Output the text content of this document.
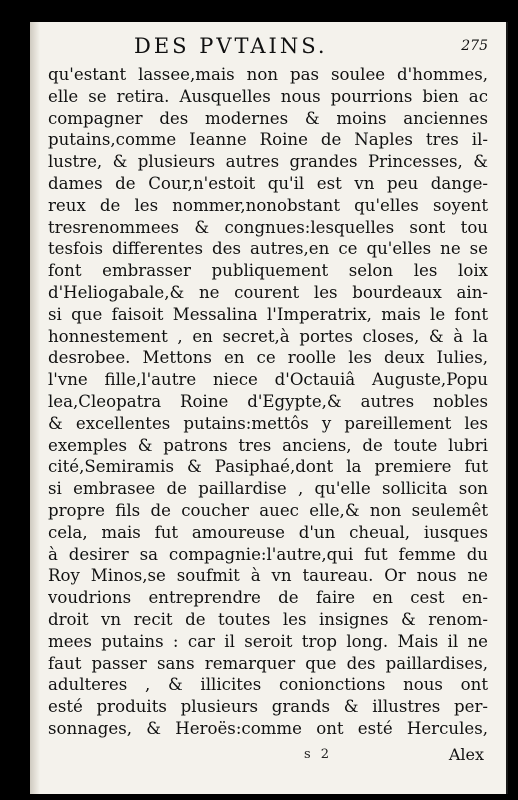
DES PVTAINS.	275
qu'estant lassee,mais non pas soulee d'hommes,
elle se retira. Ausquelles nous pourrions bien ac
compagner des modernes & moins anciennes
putains,comme Ieanne Roine de Naples tres il-
lustre, & plusieurs autres grandes Princesses, &
dames de Cour,n'estoit qu'il est vn peu dange-
reux de les nommer,nonobstant qu'elles soyent
tresrenommees & congnues:lesquelles sont tou
tesfois differentes des autres,en ce qu'elles ne se
font embrasser publiquement selon les loix
d'Heliogabale,& ne courent les bourdeaux ain-
si que faisoit Messalina l'Imperatrix, mais le font
honnestement , en secret,à portes closes, & à la
desrobee. Mettons en ce roolle les deux Iulies,
l'vne fille,l'autre niece d'Octauiâ Auguste,Popu
lea,Cleopatra Roine d'Egypte,& autres nobles
& excellentes putains:mettôs y pareillement les
exemples & patrons tres anciens, de toute lubri
cité,Semiramis & Pasiphaé,dont la premiere fut
si embrasee de paillardise , qu'elle sollicita son
propre fils de coucher auec elle,& non seulemêt
cela, mais fut amoureuse d'un cheual, iusques
à desirer sa compagnie:l'autre,qui fut femme du
Roy Minos,se soufmit à vn taureau. Or nous ne
voudrions entreprendre de faire en cest en-
droit vn recit de toutes les insignes & renom-
mees putains : car il seroit trop long. Mais il ne
faut passer sans remarquer que des paillardises,
adulteres , & illicites conionctions nous ont
esté produits plusieurs grands & illustres per-
sonnages, & Heroës:comme ont esté Hercules,
s 2	Alex
